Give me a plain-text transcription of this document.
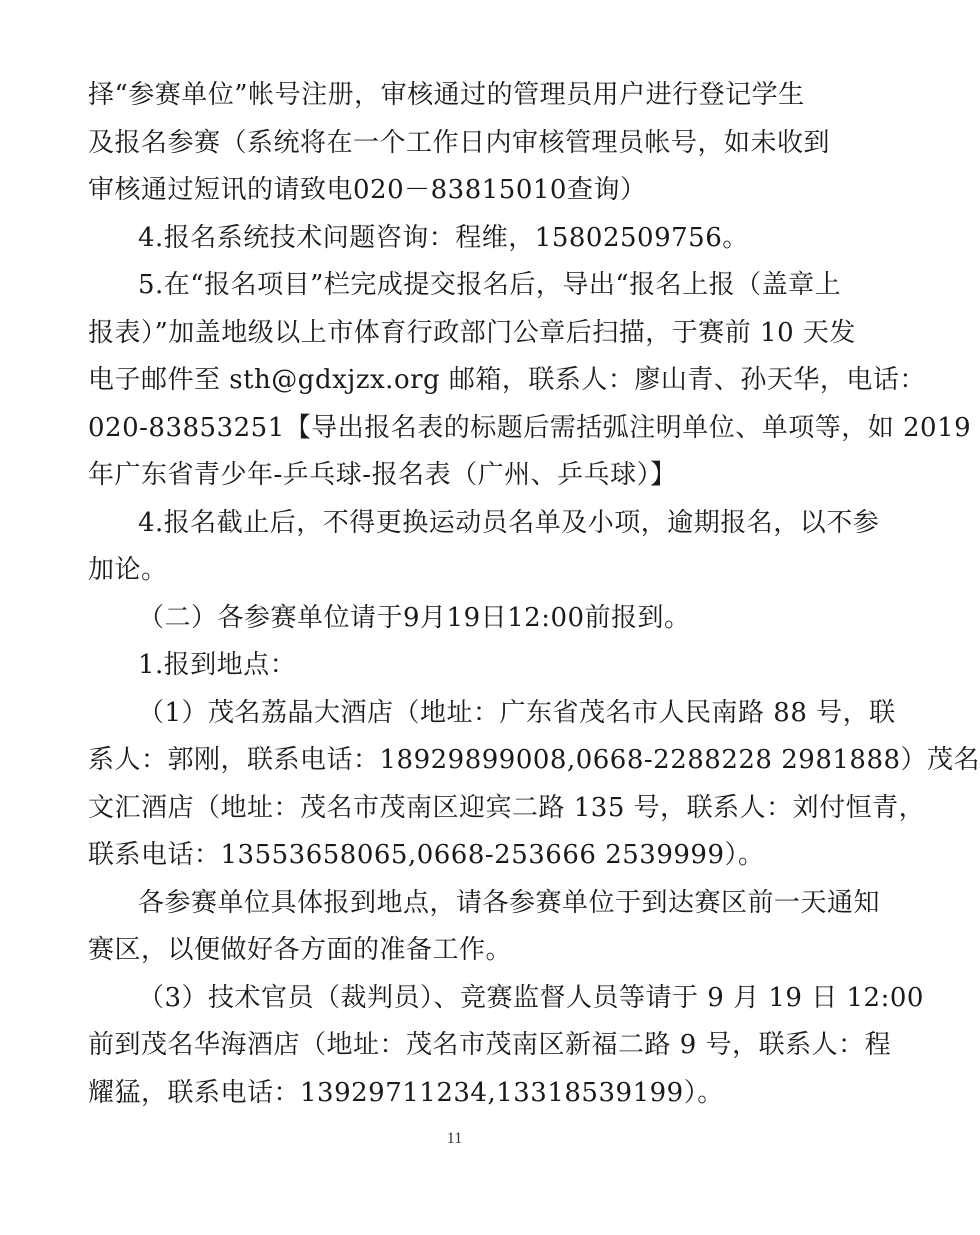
择“参赛单位”帐号注册，审核通过的管理员用户进行登记学生
及报名参赛（系统将在一个工作日内审核管理员帐号，如未收到
审核通过短讯的请致电020－83815010查询）
4.报名系统技术问题咨询：程维，15802509756。
5.在“报名项目”栏完成提交报名后，导出“报名上报（盖章上
报表）”加盖地级以上市体育行政部门公章后扫描，于赛前 10 天发
电子邮件至 sth@gdxjzx.org 邮箱，联系人：廖山青、孙天华，电话：
020-83853251【导出报名表的标题后需括弧注明单位、单项等，如 2019
年广东省青少年-乒乓球-报名表（广州、乒乓球）】
4.报名截止后，不得更换运动员名单及小项，逾期报名，以不参
加论。
（二）各参赛单位请于9月19日12:00前报到。
1.报到地点：
（1）茂名荔晶大酒店（地址：广东省茂名市人民南路 88 号，联
系人：郭刚，联系电话：18929899008,0668-2288228 2981888）茂名
文汇酒店（地址：茂名市茂南区迎宾二路 135 号，联系人：刘付恒青，
联系电话：13553658065,0668-253666 2539999）。
各参赛单位具体报到地点，请各参赛单位于到达赛区前一天通知
赛区，以便做好各方面的准备工作。
（3）技术官员（裁判员）、竞赛监督人员等请于 9 月 19 日 12:00
前到茂名华海酒店（地址：茂名市茂南区新福二路 9 号，联系人：程
耀猛，联系电话：13929711234,13318539199）。
11
